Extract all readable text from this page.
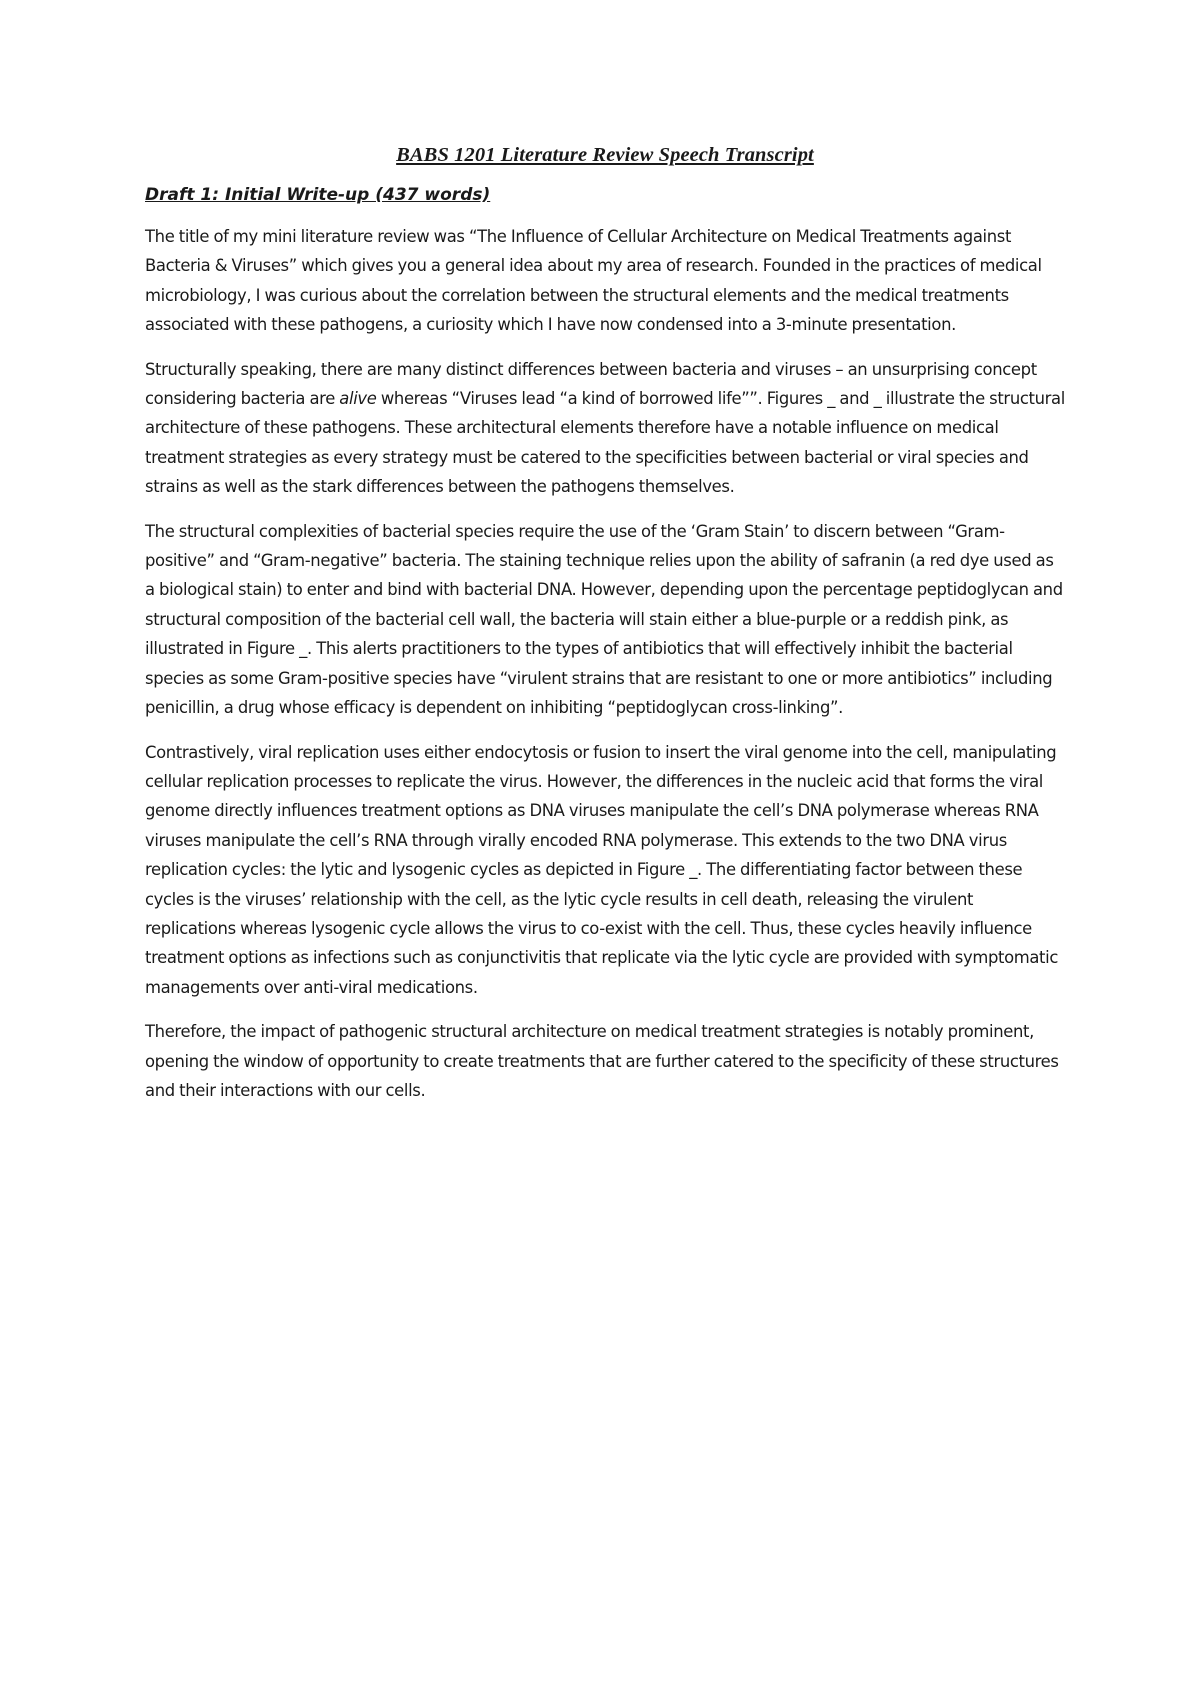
BABS 1201 Literature Review Speech Transcript
Draft 1: Initial Write-up (437 words)

The title of my mini literature review was “The Influence of Cellular Architecture on Medical Treatments against Bacteria & Viruses” which gives you a general idea about my area of research. Founded in the practices of medical microbiology, I was curious about the correlation between the structural elements and the medical treatments associated with these pathogens, a curiosity which I have now condensed into a 3-minute presentation.

Structurally speaking, there are many distinct differences between bacteria and viruses – an unsurprising concept considering bacteria are alive whereas “Viruses lead “a kind of borrowed life””. Figures _ and _ illustrate the structural architecture of these pathogens. These architectural elements therefore have a notable influence on medical treatment strategies as every strategy must be catered to the specificities between bacterial or viral species and strains as well as the stark differences between the pathogens themselves.

The structural complexities of bacterial species require the use of the ‘Gram Stain’ to discern between “Gram-positive” and “Gram-negative” bacteria. The staining technique relies upon the ability of safranin (a red dye used as a biological stain) to enter and bind with bacterial DNA. However, depending upon the percentage peptidoglycan and structural composition of the bacterial cell wall, the bacteria will stain either a blue-purple or a reddish pink, as illustrated in Figure _. This alerts practitioners to the types of antibiotics that will effectively inhibit the bacterial species as some Gram-positive species have “virulent strains that are resistant to one or more antibiotics” including penicillin, a drug whose efficacy is dependent on inhibiting “peptidoglycan cross-linking”.

Contrastively, viral replication uses either endocytosis or fusion to insert the viral genome into the cell, manipulating cellular replication processes to replicate the virus. However, the differences in the nucleic acid that forms the viral genome directly influences treatment options as DNA viruses manipulate the cell’s DNA polymerase whereas RNA viruses manipulate the cell’s RNA through virally encoded RNA polymerase. This extends to the two DNA virus replication cycles: the lytic and lysogenic cycles as depicted in Figure _. The differentiating factor between these cycles is the viruses’ relationship with the cell, as the lytic cycle results in cell death, releasing the virulent replications whereas lysogenic cycle allows the virus to co-exist with the cell. Thus, these cycles heavily influence treatment options as infections such as conjunctivitis that replicate via the lytic cycle are provided with symptomatic managements over anti-viral medications.

Therefore, the impact of pathogenic structural architecture on medical treatment strategies is notably prominent, opening the window of opportunity to create treatments that are further catered to the specificity of these structures and their interactions with our cells.
